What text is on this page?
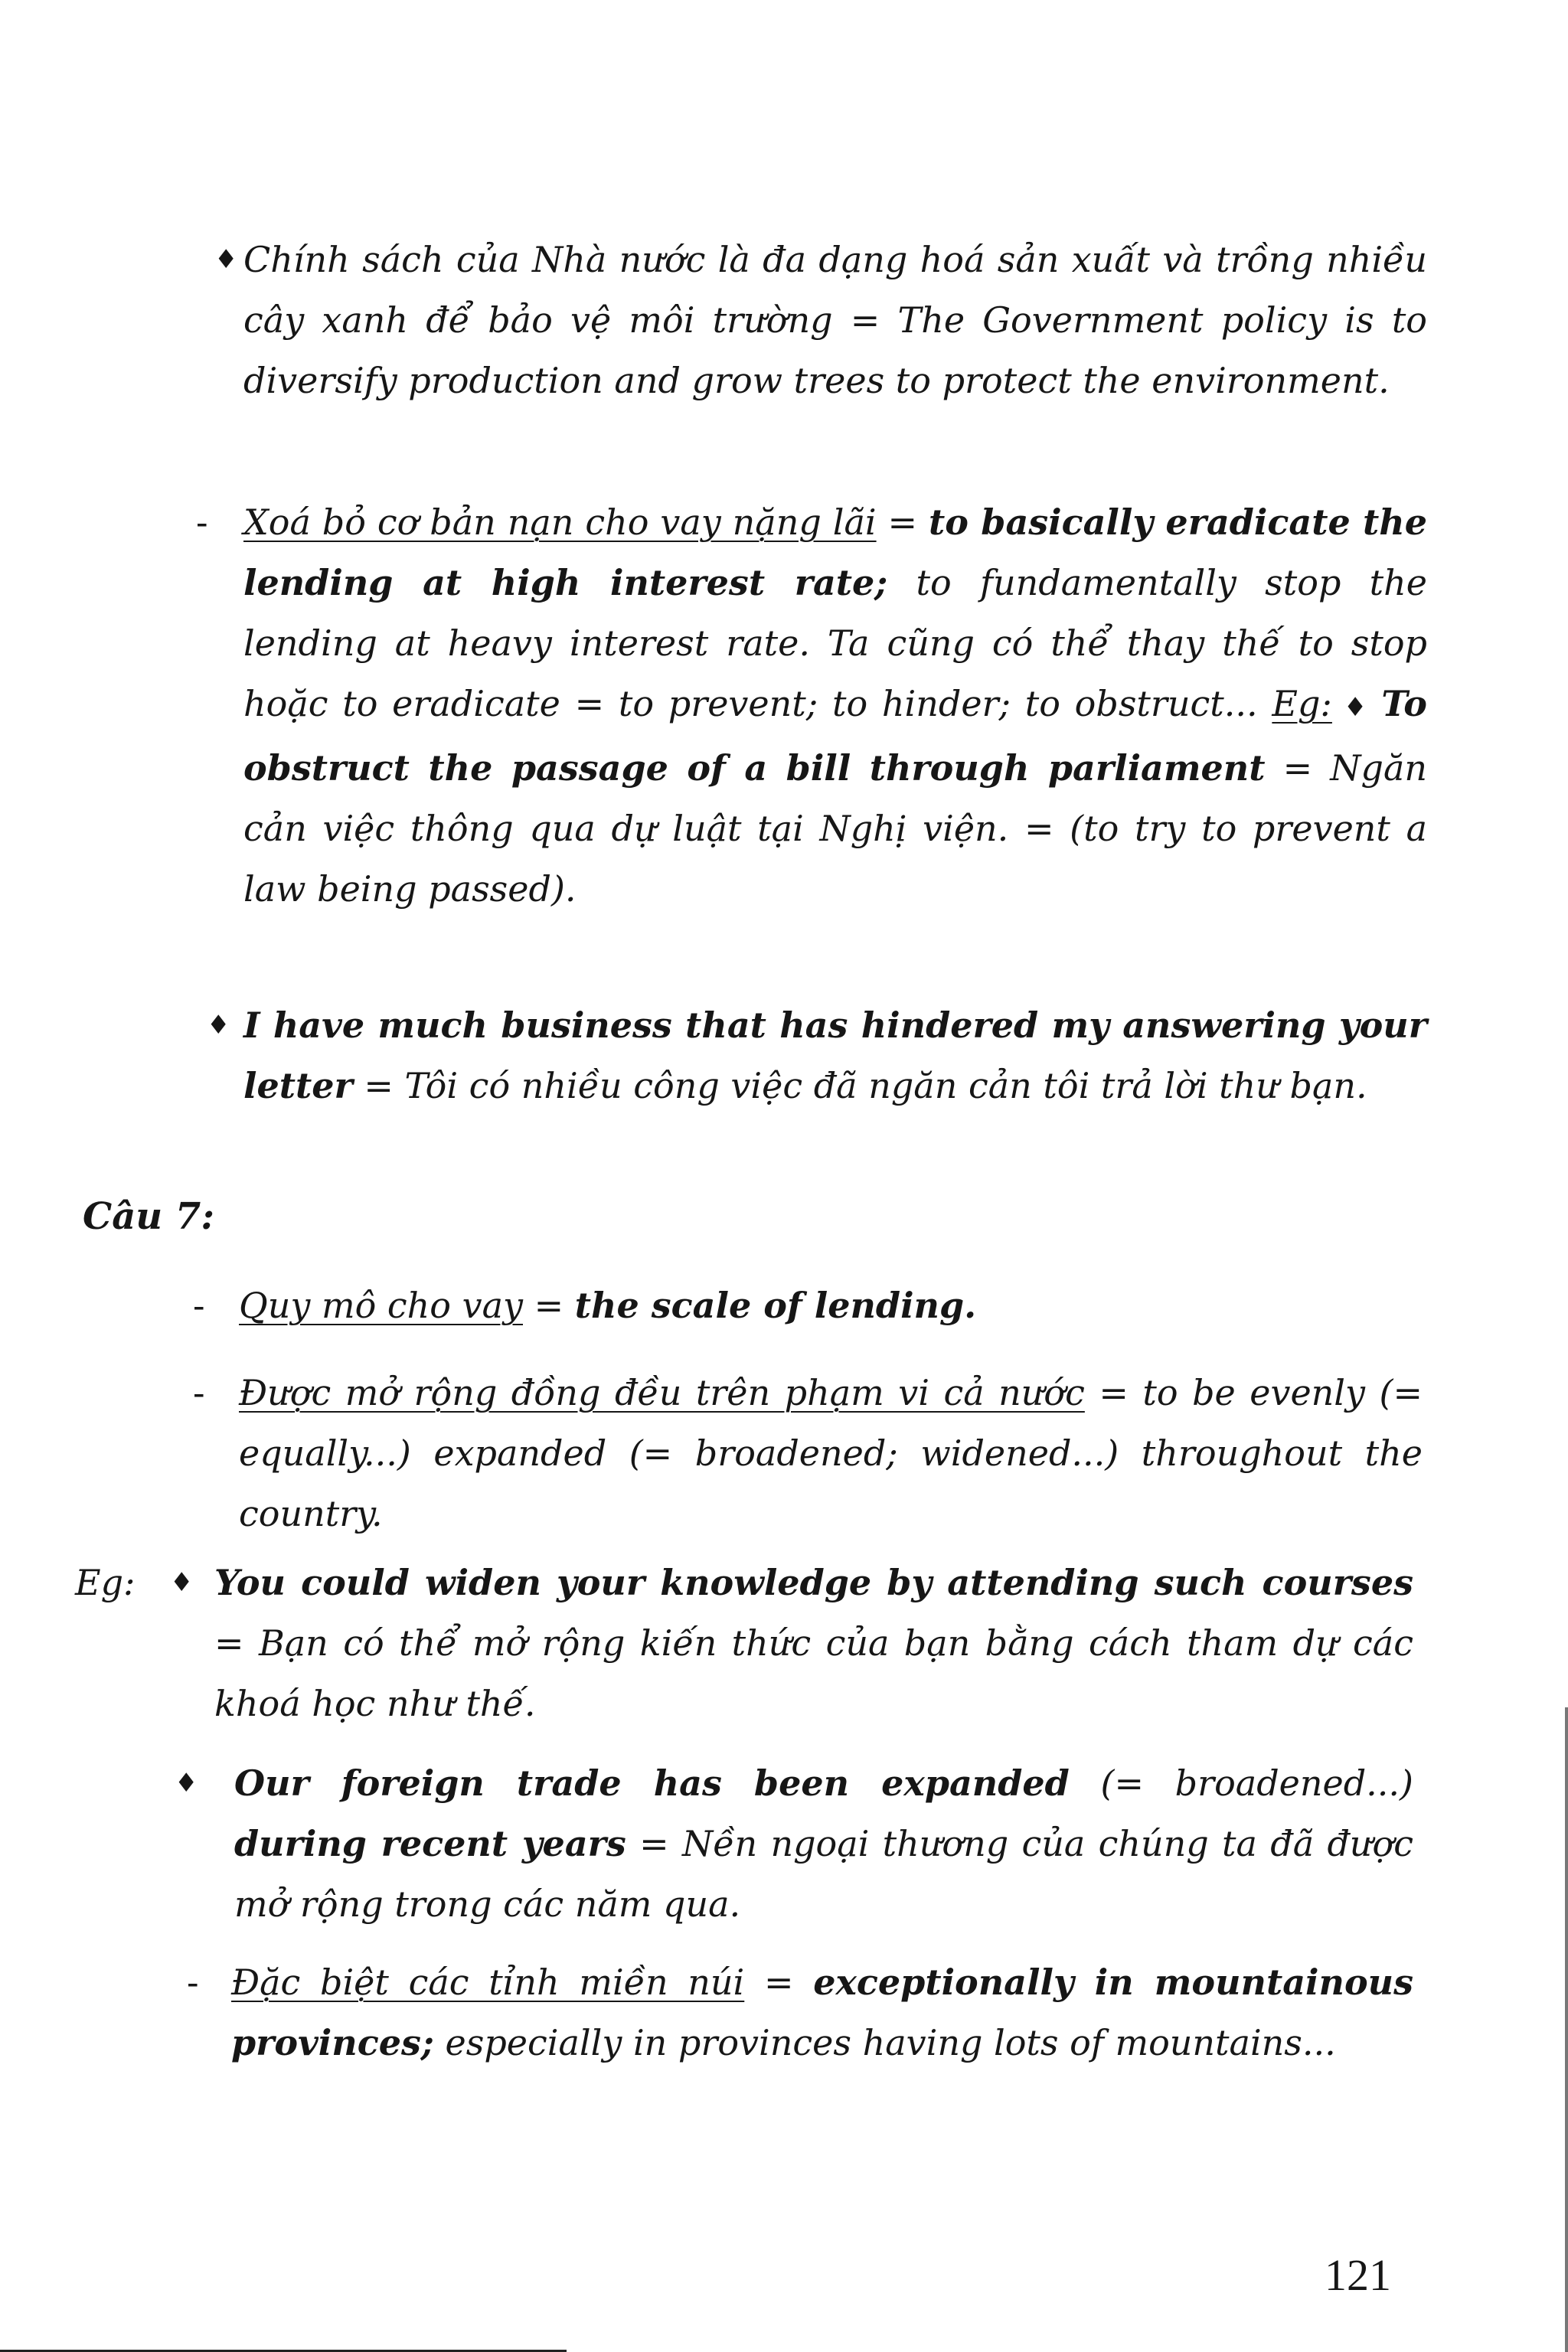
♦ Chính sách của Nhà nước là đa dạng hoá sản xuất và trồng nhiều cây xanh để bảo vệ môi trường = The Government policy is to diversify production and grow trees to protect the environment.

- Xoá bỏ cơ bản nạn cho vay nặng lãi = to basically eradicate the lending at high interest rate; to fundamentally stop the lending at heavy interest rate. Ta cũng có thể thay thế to stop hoặc to eradicate = to prevent; to hinder; to obstruct... Eg: ♦ To obstruct the passage of a bill through parliament = Ngăn cản việc thông qua dự luật tại Nghị viện. = (to try to prevent a law being passed).

♦ I have much business that has hindered my answering your letter = Tôi có nhiều công việc đã ngăn cản tôi trả lời thư bạn.

Câu 7:
- Quy mô cho vay = the scale of lending.

- Được mở rộng đồng đều trên phạm vi cả nước = to be evenly (= equally...) expanded (= broadened; widened...) throughout the country.

Eg: ♦ You could widen your knowledge by attending such courses = Bạn có thể mở rộng kiến thức của bạn bằng cách tham dự các khoá học như thế.

♦ Our foreign trade has been expanded (= broadened...) during recent years = Nền ngoại thương của chúng ta đã được mở rộng trong các năm qua.

- Đặc biệt các tỉnh miền núi = exceptionally in mountainous provinces; especially in provinces having lots of mountains...

121
